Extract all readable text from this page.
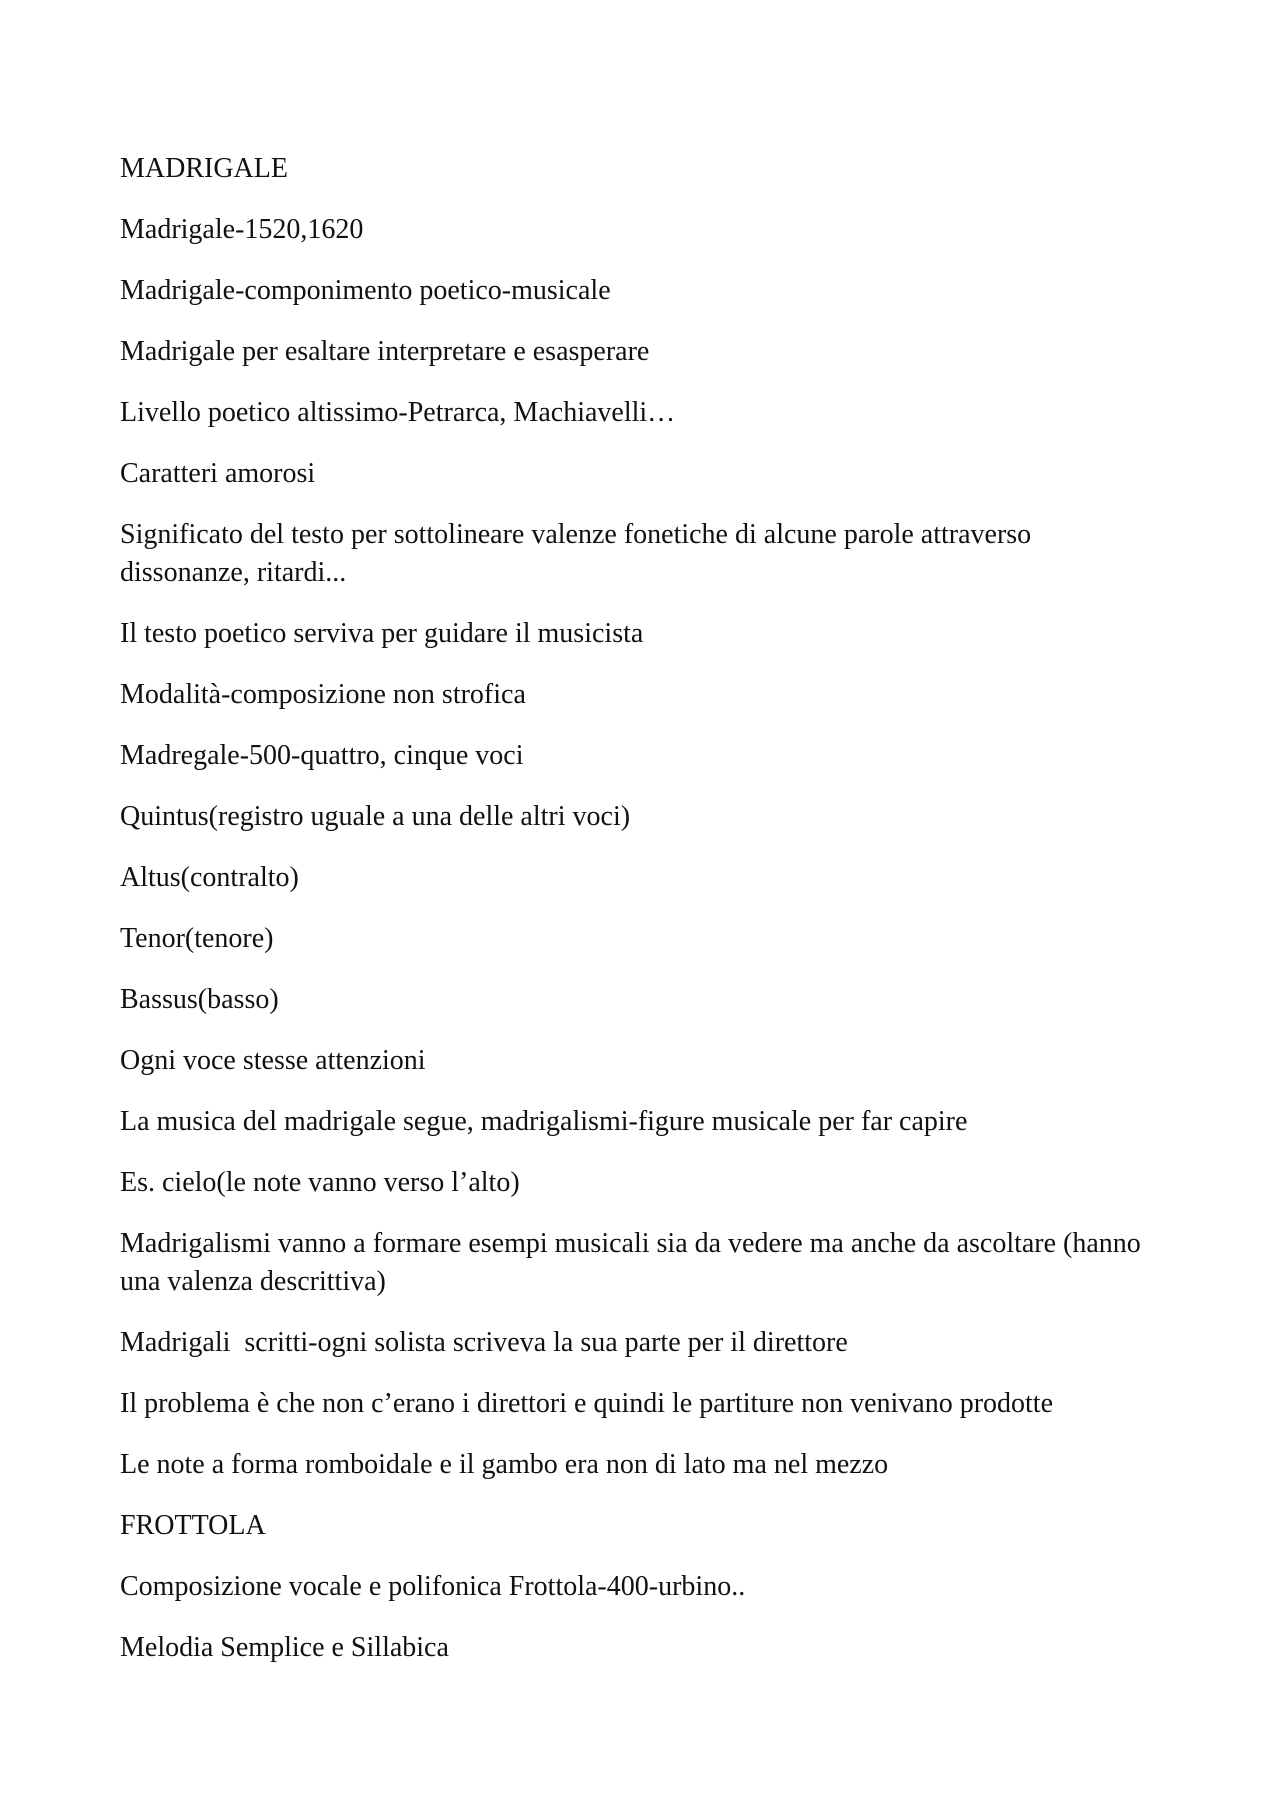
MADRIGALE

Madrigale-1520,1620

Madrigale-componimento poetico-musicale

Madrigale per esaltare interpretare e esasperare

Livello poetico altissimo-Petrarca, Machiavelli…

Caratteri amorosi

Significato del testo per sottolineare valenze fonetiche di alcune parole attraverso dissonanze, ritardi...

Il testo poetico serviva per guidare il musicista

Modalità-composizione non strofica

Madregale-500-quattro, cinque voci

Quintus(registro uguale a una delle altri voci)

Altus(contralto)

Tenor(tenore)

Bassus(basso)

Ogni voce stesse attenzioni

La musica del madrigale segue, madrigalismi-figure musicale per far capire

Es. cielo(le note vanno verso l’alto)

Madrigalismi vanno a formare esempi musicali sia da vedere ma anche da ascoltare (hanno una valenza descrittiva)

Madrigali  scritti-ogni solista scriveva la sua parte per il direttore

Il problema è che non c’erano i direttori e quindi le partiture non venivano prodotte

Le note a forma romboidale e il gambo era non di lato ma nel mezzo

FROTTOLA

Composizione vocale e polifonica Frottola-400-urbino..

Melodia Semplice e Sillabica
